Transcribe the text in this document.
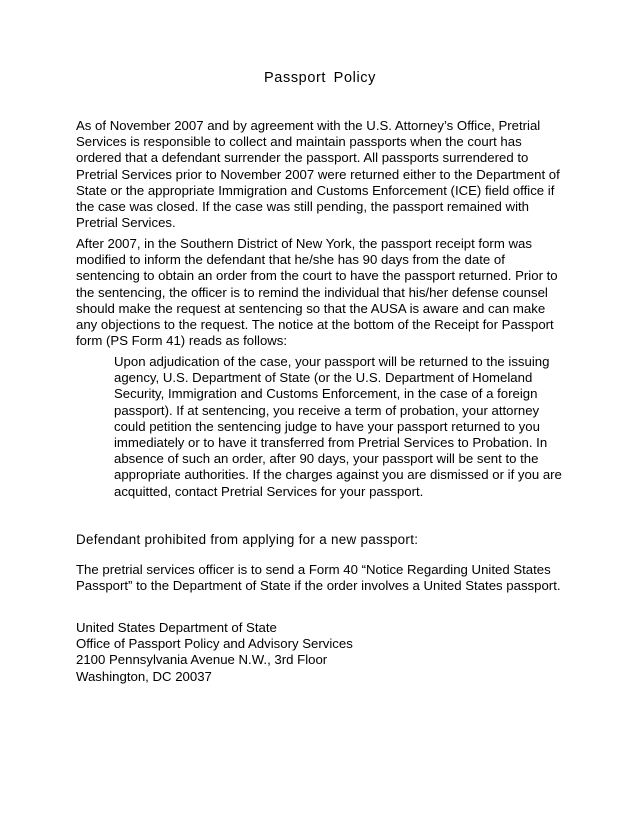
Passport Policy

As of November 2007 and by agreement with the U.S. Attorney’s Office, Pretrial Services is responsible to collect and maintain passports when the court has ordered that a defendant surrender the passport. All passports surrendered to Pretrial Services prior to November 2007 were returned either to the Department of State or the appropriate Immigration and Customs Enforcement (ICE) field office if the case was closed. If the case was still pending, the passport remained with Pretrial Services.

After 2007, in the Southern District of New York, the passport receipt form was modified to inform the defendant that he/she has 90 days from the date of sentencing to obtain an order from the court to have the passport returned. Prior to the sentencing, the officer is to remind the individual that his/her defense counsel should make the request at sentencing so that the AUSA is aware and can make any objections to the request. The notice at the bottom of the Receipt for Passport form (PS Form 41) reads as follows:

Upon adjudication of the case, your passport will be returned to the issuing agency, U.S. Department of State (or the U.S. Department of Homeland Security, Immigration and Customs Enforcement, in the case of a foreign passport). If at sentencing, you receive a term of probation, your attorney could petition the sentencing judge to have your passport returned to you immediately or to have it transferred from Pretrial Services to Probation. In absence of such an order, after 90 days, your passport will be sent to the appropriate authorities. If the charges against you are dismissed or if you are acquitted, contact Pretrial Services for your passport.

Defendant prohibited from applying for a new passport:

The pretrial services officer is to send a Form 40 “Notice Regarding United States Passport” to the Department of State if the order involves a United States passport.

United States Department of State
Office of Passport Policy and Advisory Services
2100 Pennsylvania Avenue N.W., 3rd Floor
Washington, DC 20037
